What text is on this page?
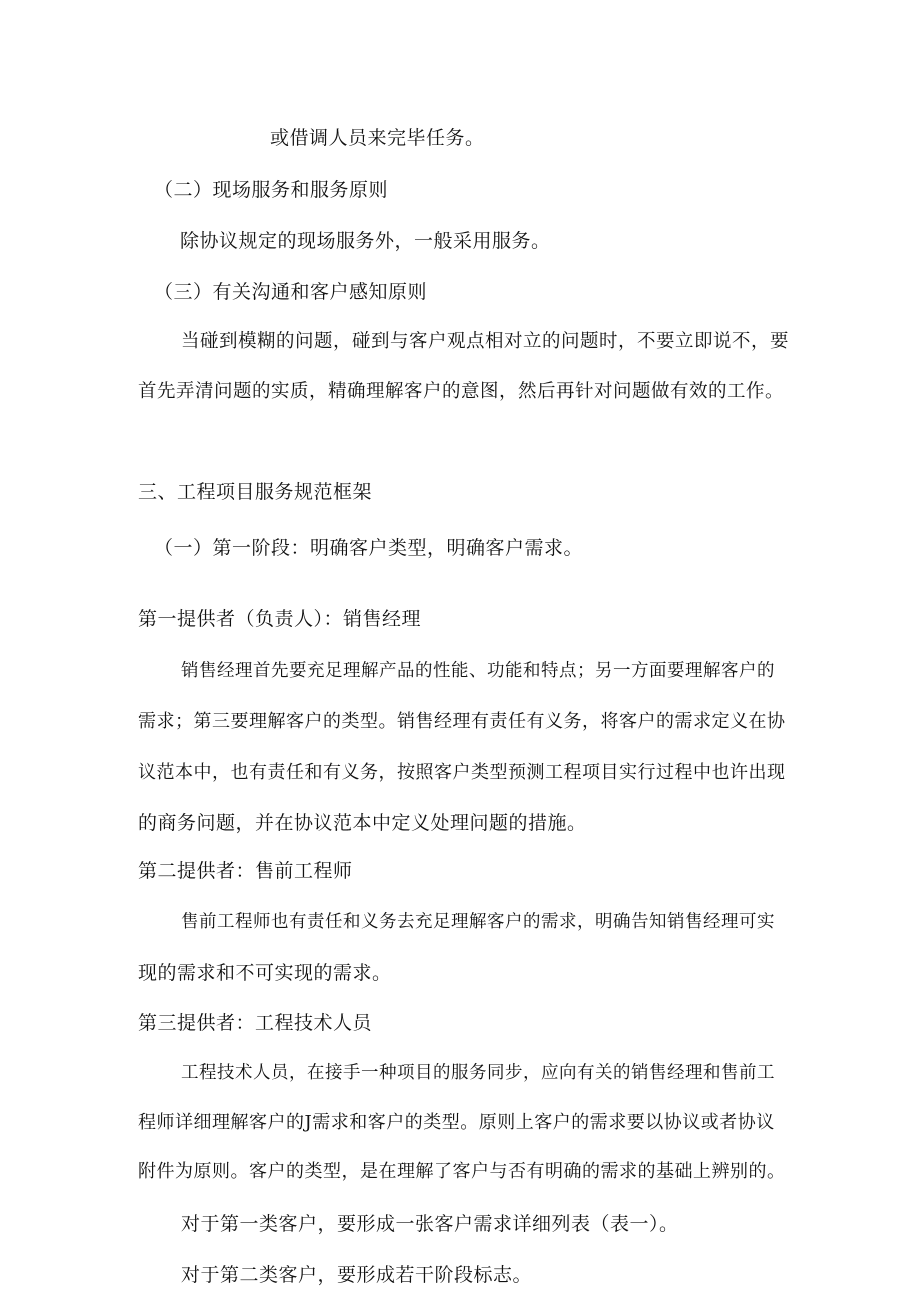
或借调人员来完毕任务。
（二）现场服务和服务原则
除协议规定的现场服务外，一般采用服务。
（三）有关沟通和客户感知原则
当碰到模糊的问题，碰到与客户观点相对立的问题时，不要立即说不，要
首先弄清问题的实质，精确理解客户的意图，然后再针对问题做有效的工作。
三、工程项目服务规范框架
（一）第一阶段：明确客户类型，明确客户需求。
第一提供者（负责人）：销售经理
销售经理首先要充足理解产品的性能、功能和特点；另一方面要理解客户的
需求；第三要理解客户的类型。销售经理有责任有义务，将客户的需求定义在协
议范本中，也有责任和有义务，按照客户类型预测工程项目实行过程中也许出现
的商务问题，并在协议范本中定义处理问题的措施。
第二提供者：售前工程师
售前工程师也有责任和义务去充足理解客户的需求，明确告知销售经理可实
现的需求和不可实现的需求。
第三提供者：工程技术人员
工程技术人员，在接手一种项目的服务同步，应向有关的销售经理和售前工
程师详细理解客户的J需求和客户的类型。原则上客户的需求要以协议或者协议
附件为原则。客户的类型，是在理解了客户与否有明确的需求的基础上辨别的。
对于第一类客户，要形成一张客户需求详细列表（表一）。
对于第二类客户，要形成若干阶段标志。
